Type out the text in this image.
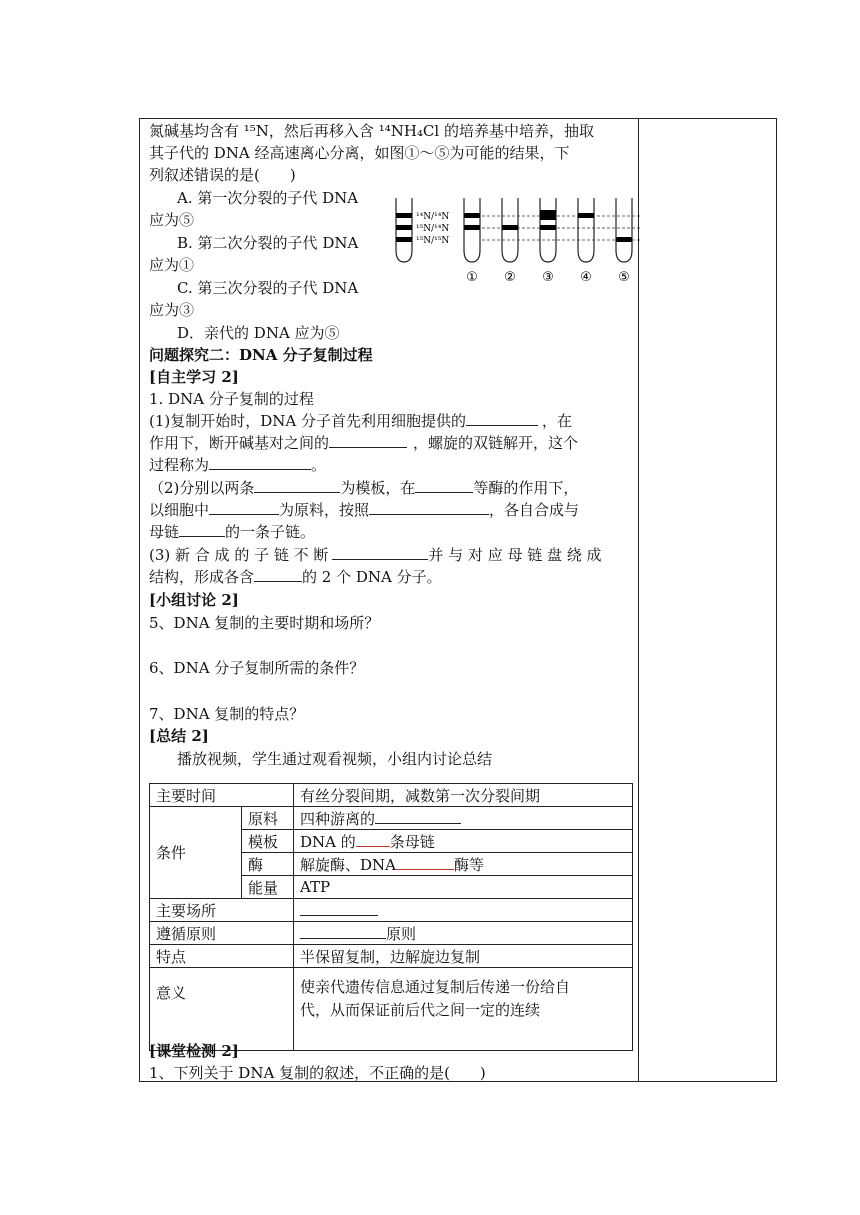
氮碱基均含有 ¹⁵N，然后再移入含 ¹⁴NH₄Cl 的培养基中培养，抽取
其子代的 DNA 经高速离心分离，如图①～⑤为可能的结果，下
列叙述错误的是(　　)
A. 第一次分裂的子代 DNA
应为⑤
B. 第二次分裂的子代 DNA
应为①
C. 第三次分裂的子代 DNA
应为③
D．亲代的 DNA 应为⑤
问题探究二：DNA 分子复制过程
[自主学习 2]
1. DNA 分子复制的过程
(1)复制开始时，DNA 分子首先利用细胞提供的	，在
作用下，断开碱基对之间的	，螺旋的双链解开，这个
过程称为	。
（2)分别以两条	为模板，在	等酶的作用下，
以细胞中	为原料，按照	，各自合成与
母链	的一条子链。
(3) 新 合 成 的 子 链 不 断	并 与 对 应 母 链 盘 绕 成
结构，形成各含	的 2 个 DNA 分子。
[小组讨论 2]
5、DNA 复制的主要时期和场所？
6、DNA 分子复制所需的条件？
7、DNA 复制的特点？
[总结 2]
播放视频，学生通过观看视频，小组内讨论总结
¹⁴N/¹⁴N
¹⁵N/¹⁴N
¹⁵N/¹⁵N
① ② ③ ④ ⑤
主要时间		有丝分裂间期，减数第一次分裂间期
条件	原料	四种游离的
	模板	DNA 的 条母链
	酶	解旋酶、DNA 酶等
	能量	ATP
主要场所		
遵循原则		原则
特点		半保留复制，边解旋边复制
意义		使亲代遗传信息通过复制后传递一份给自
代，从而保证前后代之间一定的连续
[课堂检测 2]
1、下列关于 DNA 复制的叙述，不正确的是(　　)
